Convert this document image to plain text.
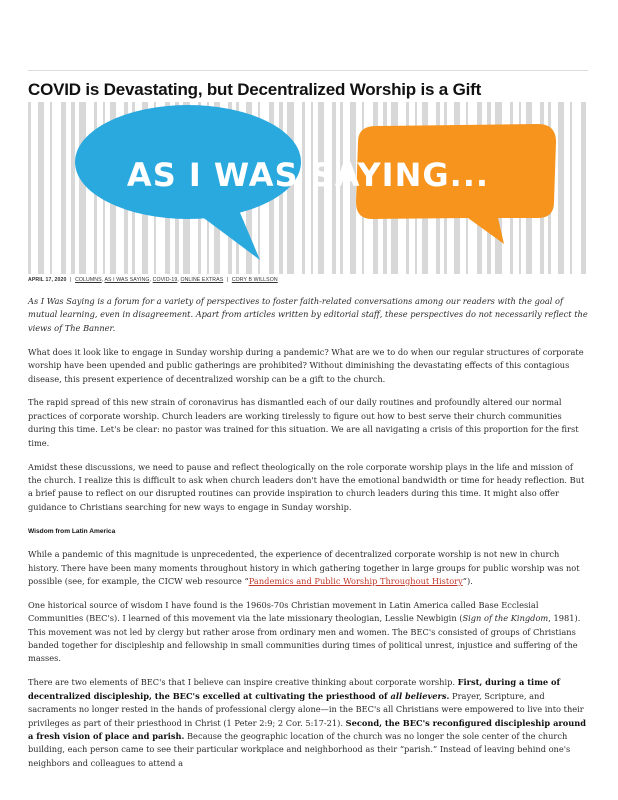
COVID is Devastating, but Decentralized Worship is a Gift
AS I WAS SAYING...
APRIL 17, 2020 | COLUMNS, AS I WAS SAYING, COVID-19, ONLINE EXTRAS | CORY B WILLSON

As I Was Saying is a forum for a variety of perspectives to foster faith-related conversations among our readers with the goal of mutual learning, even in disagreement. Apart from articles written by editorial staff, these perspectives do not necessarily reflect the views of The Banner.

What does it look like to engage in Sunday worship during a pandemic? What are we to do when our regular structures of corporate worship have been upended and public gatherings are prohibited? Without diminishing the devastating effects of this contagious disease, this present experience of decentralized worship can be a gift to the church.

The rapid spread of this new strain of coronavirus has dismantled each of our daily routines and profoundly altered our normal practices of corporate worship. Church leaders are working tirelessly to figure out how to best serve their church communities during this time. Let's be clear: no pastor was trained for this situation. We are all navigating a crisis of this proportion for the first time.

Amidst these discussions, we need to pause and reflect theologically on the role corporate worship plays in the life and mission of the church. I realize this is difficult to ask when church leaders don't have the emotional bandwidth or time for heady reflection. But a brief pause to reflect on our disrupted routines can provide inspiration to church leaders during this time. It might also offer guidance to Christians searching for new ways to engage in Sunday worship.

Wisdom from Latin America

While a pandemic of this magnitude is unprecedented, the experience of decentralized corporate worship is not new in church history. There have been many moments throughout history in which gathering together in large groups for public worship was not possible (see, for example, the CICW web resource “Pandemics and Public Worship Throughout History”).

One historical source of wisdom I have found is the 1960s-70s Christian movement in Latin America called Base Ecclesial Communities (BEC's). I learned of this movement via the late missionary theologian, Lesslie Newbigin (Sign of the Kingdom, 1981). This movement was not led by clergy but rather arose from ordinary men and women. The BEC's consisted of groups of Christians banded together for discipleship and fellowship in small communities during times of political unrest, injustice and suffering of the masses.

There are two elements of BEC's that I believe can inspire creative thinking about corporate worship. First, during a time of decentralized discipleship, the BEC's excelled at cultivating the priesthood of all believers. Prayer, Scripture, and sacraments no longer rested in the hands of professional clergy alone—in the BEC's all Christians were empowered to live into their privileges as part of their priesthood in Christ (1 Peter 2:9; 2 Cor. 5:17-21). Second, the BEC's reconfigured discipleship around a fresh vision of place and parish. Because the geographic location of the church was no longer the sole center of the church building, each person came to see their particular workplace and neighborhood as their “parish.” Instead of leaving behind one's neighbors and colleagues to attend a
